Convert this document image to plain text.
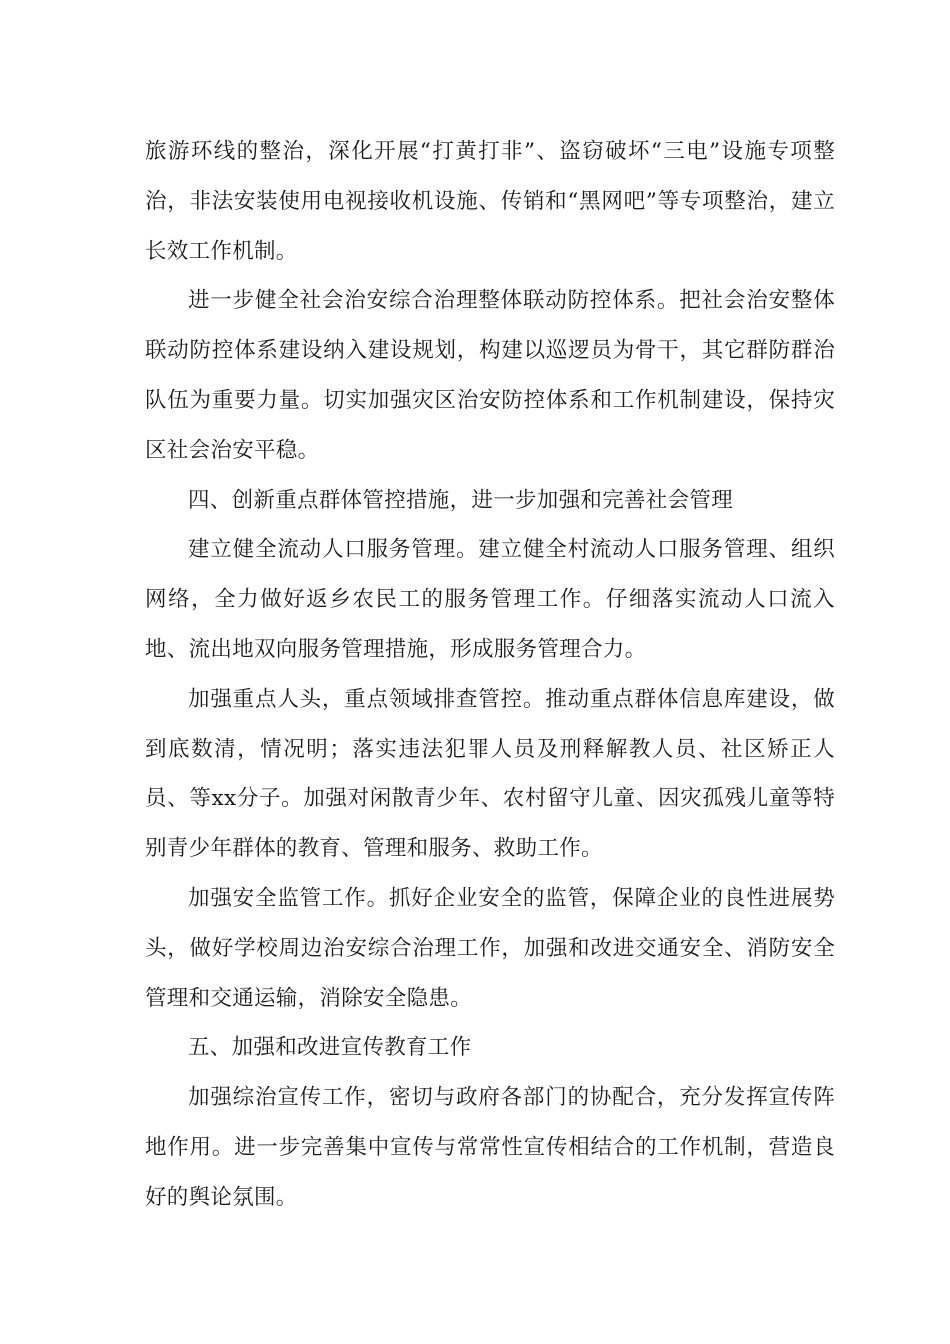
旅游环线的整治，深化开展“打黄打非”、盗窃破坏“三电”设施专项整治，非法安装使用电视接收机设施、传销和“黑网吧”等专项整治，建立长效工作机制。

进一步健全社会治安综合治理整体联动防控体系。把社会治安整体联动防控体系建设纳入建设规划，构建以巡逻员为骨干，其它群防群治队伍为重要力量。切实加强灾区治安防控体系和工作机制建设，保持灾区社会治安平稳。

四、创新重点群体管控措施，进一步加强和完善社会管理

建立健全流动人口服务管理。建立健全村流动人口服务管理、组织网络，全力做好返乡农民工的服务管理工作。仔细落实流动人口流入地、流出地双向服务管理措施，形成服务管理合力。

加强重点人头，重点领域排查管控。推动重点群体信息库建设，做到底数清，情况明；落实违法犯罪人员及刑释解教人员、社区矫正人员、等xx分子。加强对闲散青少年、农村留守儿童、因灾孤残儿童等特别青少年群体的教育、管理和服务、救助工作。

加强安全监管工作。抓好企业安全的监管，保障企业的良性进展势头，做好学校周边治安综合治理工作，加强和改进交通安全、消防安全管理和交通运输，消除安全隐患。

五、加强和改进宣传教育工作

加强综治宣传工作，密切与政府各部门的协配合，充分发挥宣传阵地作用。进一步完善集中宣传与常常性宣传相结合的工作机制，营造良好的舆论氛围。
